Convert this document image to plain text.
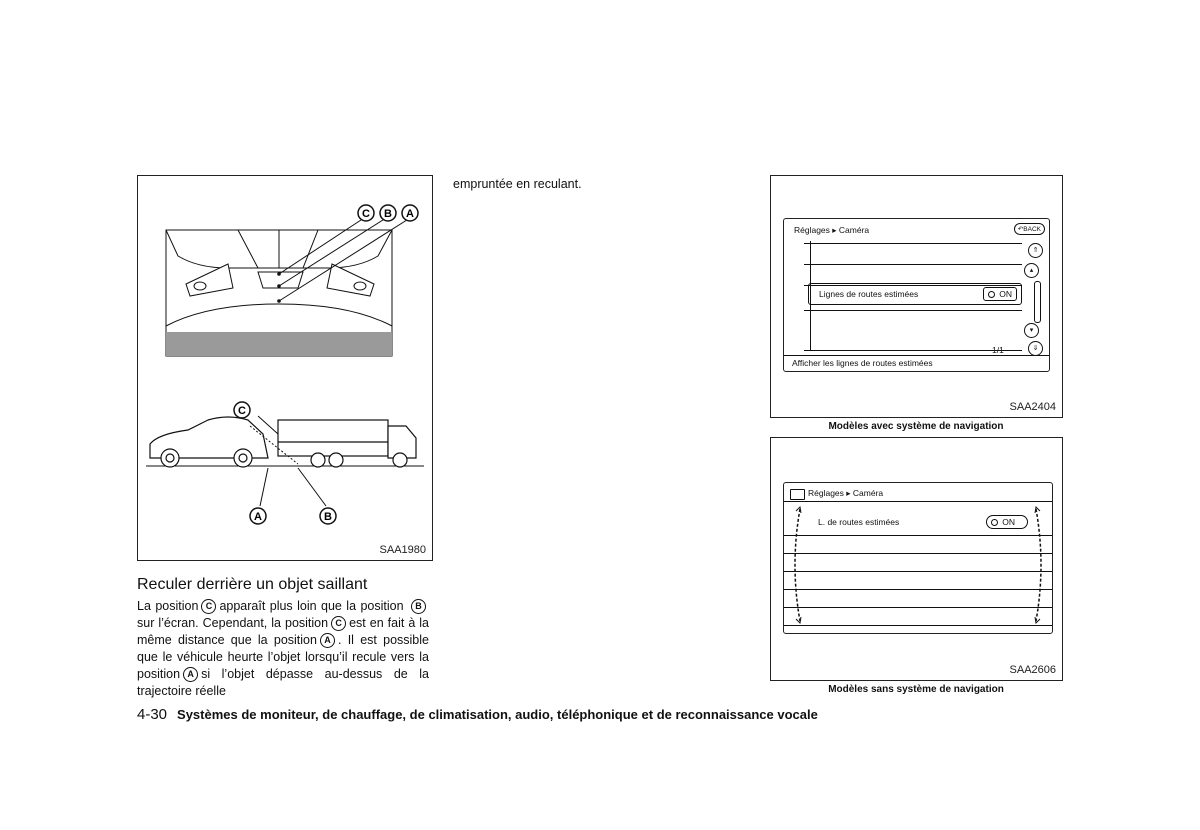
C B A
C
A	B
SAA1980
Reculer derrière un objet saillant
La position C apparaît plus loin que la position Bsur l’écran. Cependant, la position C est en fait à la même distance que la position A . Il est possible que le véhicule heurte l’objet lorsqu’il recule vers la position A si l’objet dépasse au-dessus de la trajectoire réelle
empruntée en reculant.
Réglages ▸ Caméra	↶BACK
Lignes de routes estimées	ON
⇑
▴
▾
⇓
1/1
Afficher les lignes de routes estimées
SAA2404
Modèles avec système de navigation
Réglages ▸ Caméra
L. de routes estimées	ON
SAA2606
Modèles sans système de navigation
4-30 Systèmes de moniteur, de chauffage, de climatisation, audio, téléphonique et de reconnaissance vocale
